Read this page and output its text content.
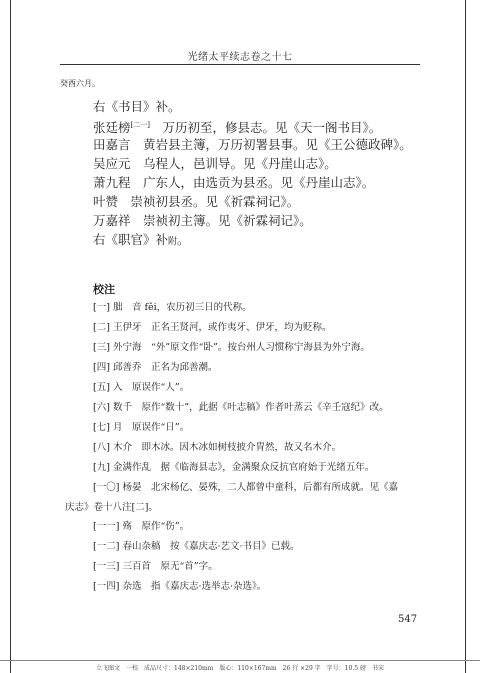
光绪太平续志卷之十七
癸酉六月。
右《书目》补。
张廷榜[二一]　 万历初至，修县志。见《天一阁书目》。
田嘉言　 黄岩县主簿，万历初署县事。见《王公德政碑》。
吴应元　 乌程人，邑训导。见《丹崖山志》。
萧九程　 广东人，由选贡为县丞。见《丹崖山志》。
叶赞　 崇祯初县丞。见《祈霖祠记》。
万嘉祥　 崇祯初主簿。见《祈霖祠记》。
右《职官》补附。
校注
[一] 朏　音 fěi，农历初三日的代称。
[二] 王伊牙　正名王贤河，或作夷牙、伊牙，均为贬称。
[三] 外宁海　“外”原文作“卧”。按台州人习惯称宁海县为外宁海。
[四] 邱善乔　正名为邱善潮。
[五] 入　原误作“人”。
[六] 数千　原作“数十”，此据《叶志稿》作者叶蒸云《辛壬寇纪》改。
[七] 月　原误作“日”。
[八] 木介　即木冰。因木冰如树枝披介胄然，故又名木介。
[九] 金满作乱　据《临海县志》，金满聚众反抗官府始于光绪五年。
[一〇] 杨晏　北宋杨亿、晏殊，二人都曾中童科，后都有所成就。见《嘉
庆志》卷十八注[二]。
[一一] 殇　原作“伤”。
[一二] 春山杂稿　按《嘉庆志·艺文·书目》已载。
[一三] 三百首　原无“首”字。
[一四] 杂选　指《嘉庆志·选举志·杂选》。
547
立飞图文　一校　成品尺寸：148×210mm　版心：110×167mm　26 行 ×29 字　字号：10.5 磅　书宋
